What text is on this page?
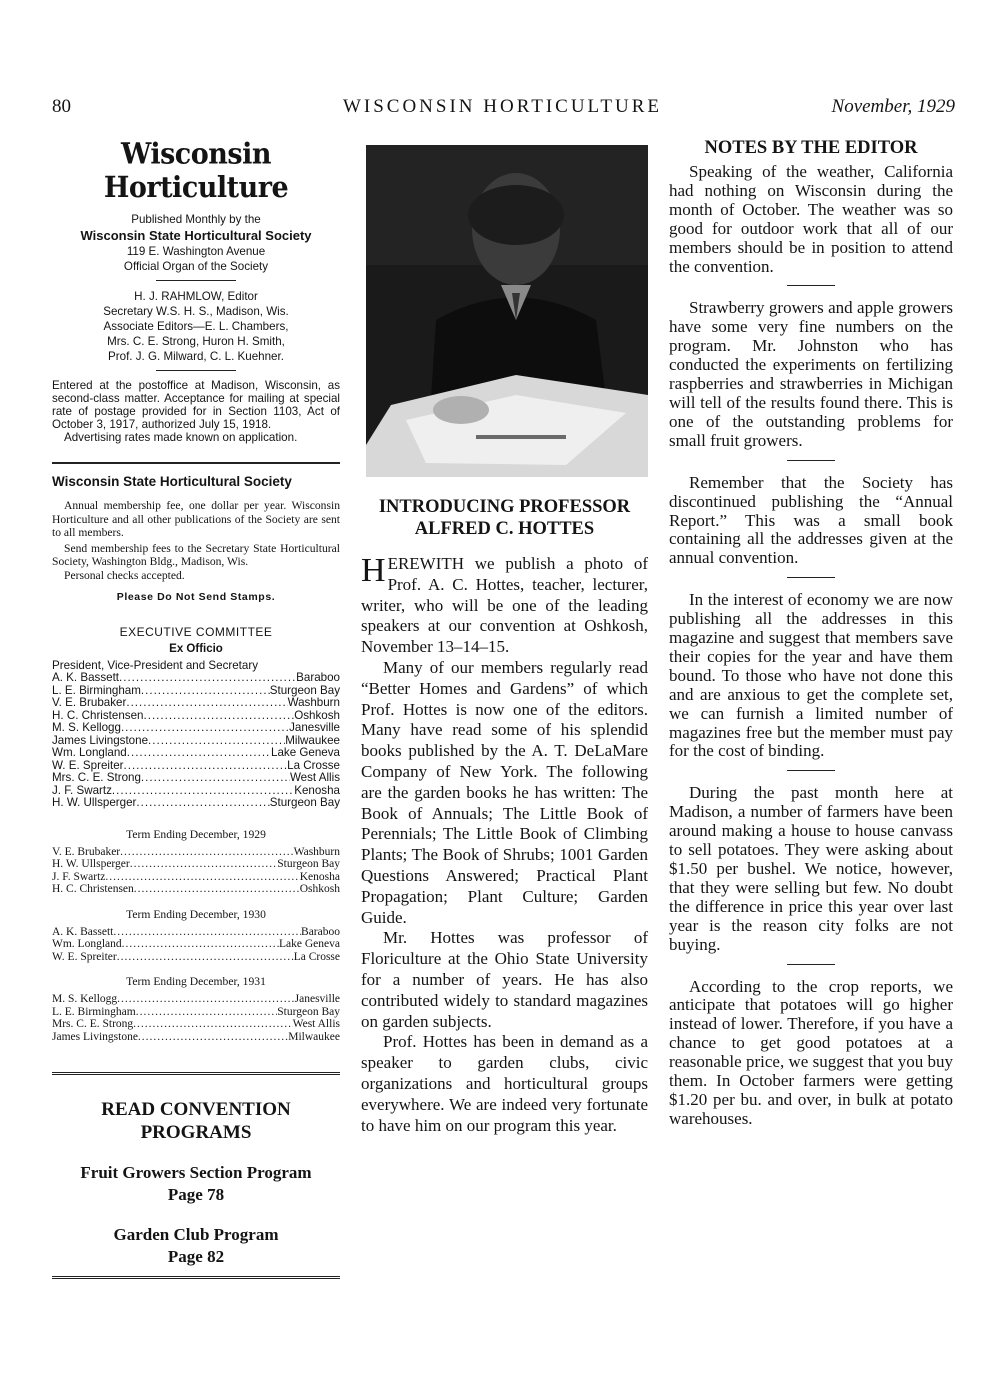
80	WISCONSIN HORTICULTURE	November, 1929
Wisconsin Horticulture
Published Monthly by the
Wisconsin State Horticultural Society
119 E. Washington Avenue
Official Organ of the Society
H. J. RAHMLOW, Editor
Secretary W.S. H. S., Madison, Wis.
Associate Editors—E. L. Chambers,
Mrs. C. E. Strong, Huron H. Smith,
Prof. J. G. Milward, C. L. Kuehner.
Entered at the postoffice at Madison, Wisconsin, as second-class matter. Acceptance for mailing at special rate of postage provided for in Section 1103, Act of October 3, 1917, authorized July 15, 1918.
Advertising rates made known on application.
Wisconsin State Horticultural Society
Annual membership fee, one dollar per year. Wisconsin Horticulture and all other publications of the Society are sent to all members.
Send membership fees to the Secretary State Horticultural Society, Washington Bldg., Madison, Wis.
Personal checks accepted.
Please Do Not Send Stamps.
EXECUTIVE COMMITTEE
Ex Officio
President, Vice-President and Secretary
A. K. Bassett .....	Baraboo
L. E. Birmingham .....	Sturgeon Bay
V. E. Brubaker .....	Washburn
H. C. Christensen .....	Oshkosh
M. S. Kellogg .....	Janesville
James Livingstone .....	Milwaukee
Wm. Longland .....	Lake Geneva
W. E. Spreiter .....	La Crosse
Mrs. C. E. Strong .....	West Allis
J. F. Swartz .....	Kenosha
H. W. Ullsperger .....	Sturgeon Bay
Term Ending December, 1929
V. E. Brubaker .....	Washburn
H. W. Ullsperger .....	Sturgeon Bay
J. F. Swartz .....	Kenosha
H. C. Christensen .....	Oshkosh
Term Ending December, 1930
A. K. Bassett .....	Baraboo
Wm. Longland .....	Lake Geneva
W. E. Spreiter .....	La Crosse
Term Ending December, 1931
M. S. Kellogg .....	Janesville
L. E. Birmingham .....	Sturgeon Bay
Mrs. C. E. Strong .....	West Allis
James Livingstone .....	Milwaukee
READ CONVENTION
PROGRAMS
Fruit Growers Section Program
Page 78
Garden Club Program
Page 82
INTRODUCING PROFESSOR
ALFRED C. HOTTES

HEREWITH we publish a photo of Prof. A. C. Hottes, teacher, lecturer, writer, who will be one of the leading speakers at our convention at Oshkosh, November 13–14–15.

Many of our members regularly read “Better Homes and Gardens” of which Prof. Hottes is now one of the editors. Many have read some of his splendid books published by the A. T. DeLaMare Company of New York. The following are the garden books he has written: The Book of Annuals; The Little Book of Perennials; The Little Book of Climbing Plants; The Book of Shrubs; 1001 Garden Questions Answered; Practical Plant Propagation; Plant Culture; Garden Guide.

Mr. Hottes was professor of Floriculture at the Ohio State University for a number of years. He has also contributed widely to standard magazines on garden subjects.

Prof. Hottes has been in demand as a speaker to garden clubs, civic organizations and horticultural groups everywhere. We are indeed very fortunate to have him on our program this year.

NOTES BY THE EDITOR

Speaking of the weather, California had nothing on Wisconsin during the month of October. The weather was so good for outdoor work that all of our members should be in position to attend the convention.

Strawberry growers and apple growers have some very fine numbers on the program. Mr. Johnston who has conducted the experiments on fertilizing raspberries and strawberries in Michigan will tell of the results found there. This is one of the outstanding problems for small fruit growers.

Remember that the Society has discontinued publishing the “Annual Report.” This was a small book containing all the addresses given at the annual convention.

In the interest of economy we are now publishing all the addresses in this magazine and suggest that members save their copies for the year and have them bound. To those who have not done this and are anxious to get the complete set, we can furnish a limited number of magazines free but the member must pay for the cost of binding.

During the past month here at Madison, a number of farmers have been around making a house to house canvass to sell potatoes. They were asking about $1.50 per bushel. We notice, however, that they were selling but few. No doubt the difference in price this year over last year is the reason city folks are not buying.

According to the crop reports, we anticipate that potatoes will go higher instead of lower. Therefore, if you have a chance to get good potatoes at a reasonable price, we suggest that you buy them. In October farmers were getting $1.20 per bu. and over, in bulk at potato warehouses.
